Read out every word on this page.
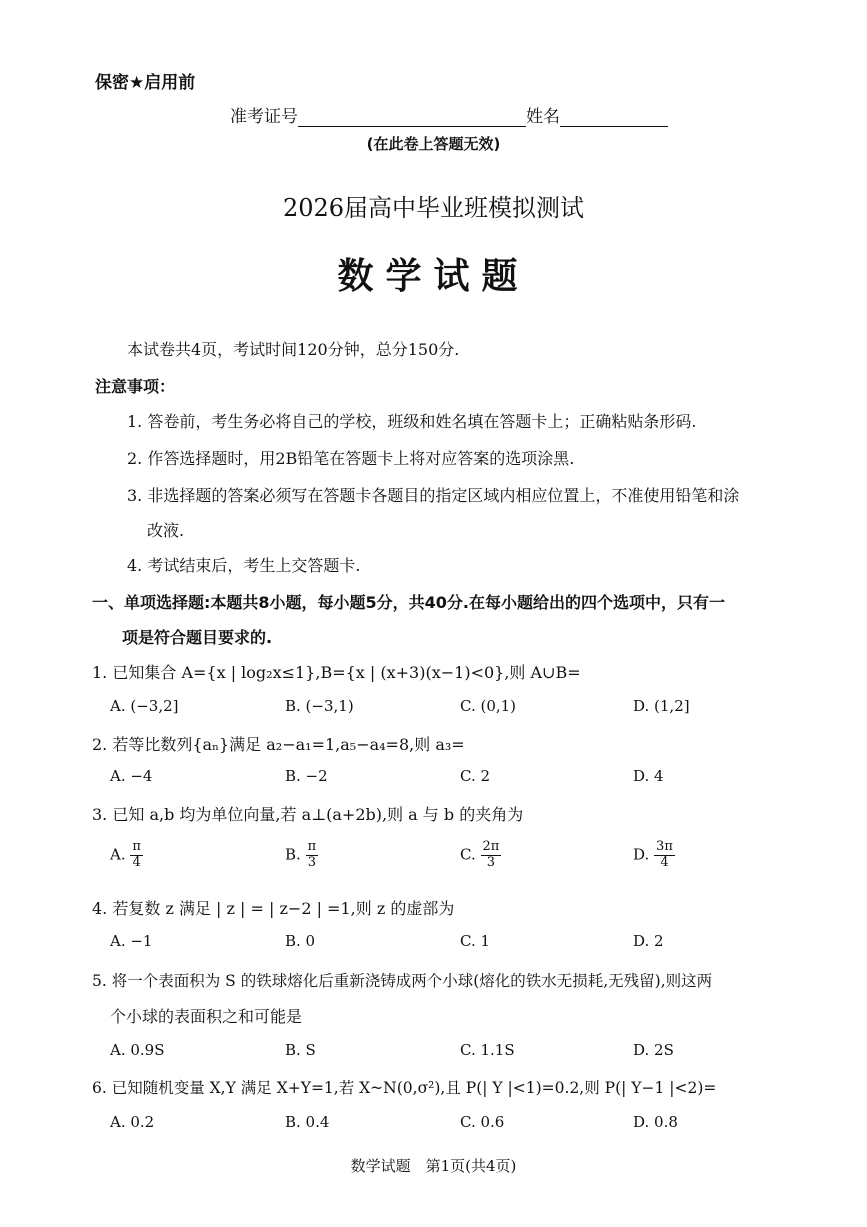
保密★启用前
准考证号	姓名
(在此卷上答题无效)
2026届高中毕业班模拟测试
数学试题
本试卷共4页，考试时间120分钟，总分150分.
注意事项：
1. 答卷前，考生务必将自己的学校，班级和姓名填在答题卡上；正确粘贴条形码.
2. 作答选择题时，用2B铅笔在答题卡上将对应答案的选项涂黑.
3. 非选择题的答案必须写在答题卡各题目的指定区域内相应位置上，不准使用铅笔和涂
改液.
4. 考试结束后，考生上交答题卡.
一、单项选择题:本题共8小题，每小题5分，共40分.在每小题给出的四个选项中，只有一
项是符合题目要求的.
1. 已知集合 A={x | log₂x≤1},B={x | (x+3)(x−1)<0},则 A∪B=
A. (−3,2]	B. (−3,1)	C. (0,1)	D. (1,2]
2. 若等比数列{aₙ}满足 a₂−a₁=1,a₅−a₄=8,则 a₃=
A. −4	B. −2	C. 2	D. 4
3. 已知 a,b 均为单位向量,若 a⊥(a+2b),则 a 与 b 的夹角为
A. $\frac{\pi}{4}$	B. $\frac{\pi}{3}$	C. $\frac{2\pi}{3}$	D. $\frac{3\pi}{4}$
4. 若复数 z 满足 | z | = | z−2 | =1,则 z 的虚部为
A. −1	B. 0	C. 1	D. 2
5. 将一个表面积为 S 的铁球熔化后重新浇铸成两个小球(熔化的铁水无损耗,无残留),则这两
个小球的表面积之和可能是
A. 0.9S	B. S	C. 1.1S	D. 2S
6. 已知随机变量 X,Y 满足 X+Y=1,若 X~N(0,σ²),且 P(| Y |<1)=0.2,则 P(| Y−1 |<2)=
A. 0.2	B. 0.4	C. 0.6	D. 0.8
数学试题　第1页(共4页)
